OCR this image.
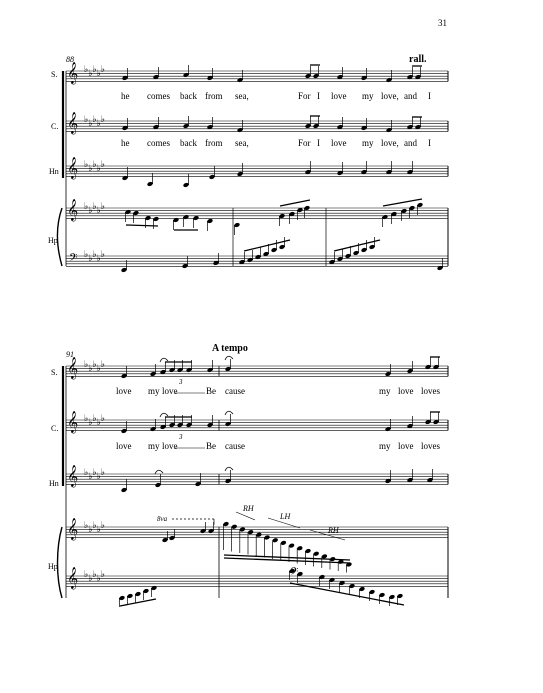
31
88	rall.
S.
C.
Hn
Hp
he comes back from sea,	For I love my love, and I
he comes back from sea,	For I love my love, and I
91
A tempo
S.
C.
Hn
Hp
love my love	Be cause	my love loves
3
love my love	Be cause	my love loves
3
8va
RH
LH
RH
𝄞 ♭ ♭ ♭ ♭ ♭
𝄞 ♭ ♭ ♭ ♭ ♭
𝄞 ♭ ♭ ♭ ♭ ♭
𝄞 ♭ ♭ ♭ ♭ ♭
𝄢 ♭ ♭ ♭ ♭ ♭
𝄞 ♭ ♭ ♭ ♭ ♭
𝄞 ♭ ♭ ♭ ♭ ♭
𝄞 ♭ ♭ ♭ ♭ ♭
𝄞 ♭ ♭ ♭ ♭ ♭
𝄞 ♭ ♭ ♭ ♭ ♭	𝄢
